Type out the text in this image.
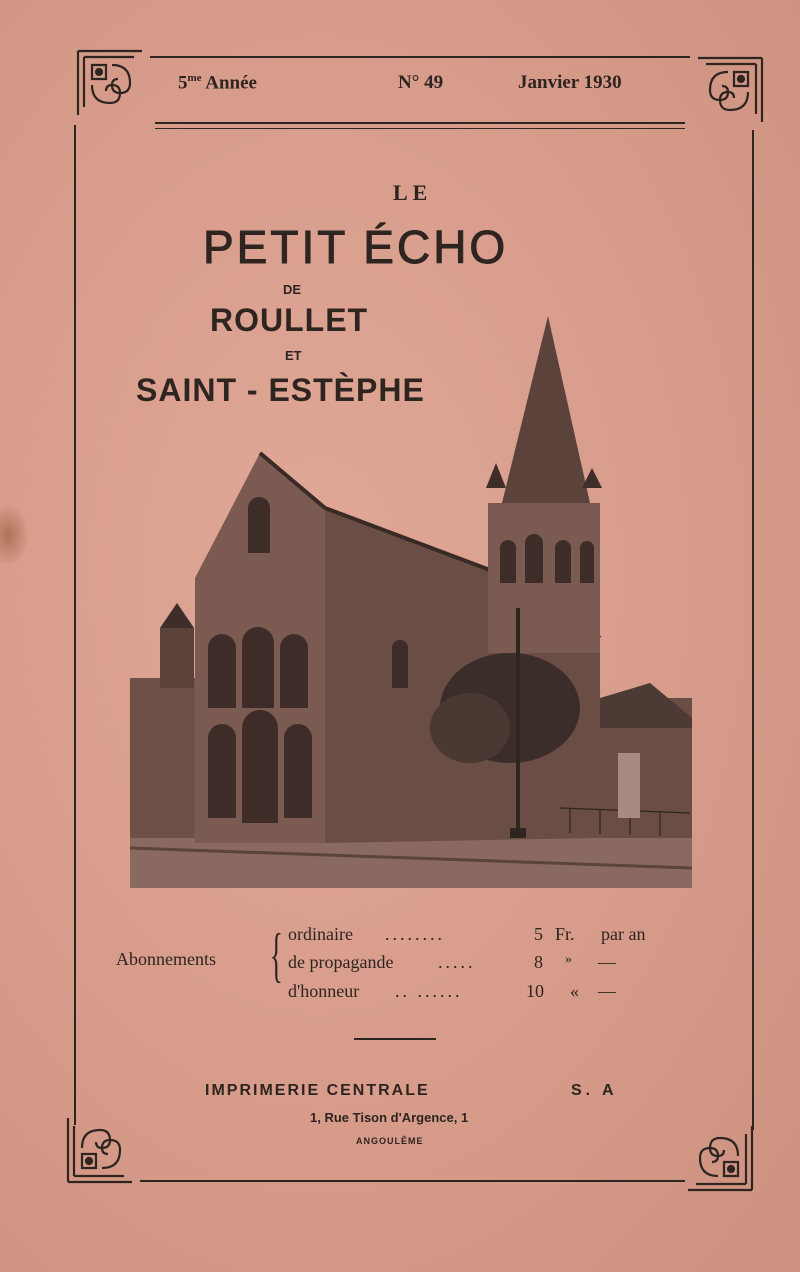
$5^{me}$ Année	N° 49	Janvier 1930
LE
PETIT ÉCHO
DE
ROULLET
ET
SAINT - ESTÈPHE
Abonnements { ordinaire ........	5 Fr. par an
de propagande .....	8 » —
d'honneur .. ......	10 « —
IMPRIMERIE CENTRALE	S. A
1, Rue Tison d'Argence, 1
ANGOULÊME
